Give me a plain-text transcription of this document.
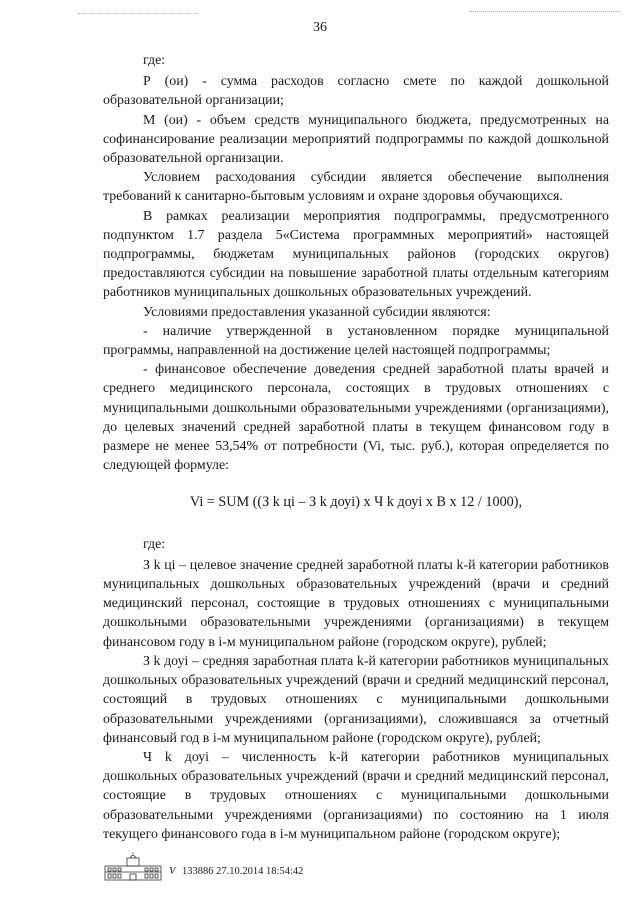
36

где:

Р (ои) - сумма расходов согласно смете по каждой дошкольной образовательной организации;

М (ои) - объем средств муниципального бюджета, предусмотренных на софинансирование реализации мероприятий подпрограммы по каждой дошкольной образовательной организации.

Условием расходования субсидии является обеспечение выполнения требований к санитарно-бытовым условиям и охране здоровья обучающихся.

В рамках реализации мероприятия подпрограммы, предусмотренного подпунктом 1.7 раздела 5«Система программных мероприятий» настоящей подпрограммы, бюджетам муниципальных районов (городских округов) предоставляются субсидии на повышение заработной платы отдельным категориям работников муниципальных дошкольных образовательных учреждений.

Условиями предоставления указанной субсидии являются:

- наличие утвержденной в установленном порядке муниципальной программы, направленной на достижение целей настоящей подпрограммы;

- финансовое обеспечение доведения средней заработной платы врачей и среднего медицинского персонала, состоящих в трудовых отношениях с муниципальными дошкольными образовательными учреждениями (организациями), до целевых значений средней заработной платы в текущем финансовом году в размере не менее 53,54% от потребности (Vi, тыс. руб.), которая определяется по следующей формуле:

Vi = SUM ((З k цi – З k доуi) х Ч k доуi х В х 12 / 1000),

где:

З k цi – целевое значение средней заработной платы k-й категории работников муниципальных дошкольных образовательных учреждений (врачи и средний медицинский персонал, состоящие в трудовых отношениях с муниципальными дошкольными образовательными учреждениями (организациями) в текущем финансовом году в i-м муниципальном районе (городском округе), рублей;

З k доуi – средняя заработная плата k-й категории работников муниципальных дошкольных образовательных учреждений (врачи и средний медицинский персонал, состоящий в трудовых отношениях с муниципальными дошкольными образовательными учреждениями (организациями), сложившаяся за отчетный финансовый год в i-м муниципальном районе (городском округе), рублей;

Ч k доуi – численность k-й категории работников муниципальных дошкольных образовательных учреждений (врачи и средний медицинский персонал, состоящие в трудовых отношениях с муниципальными дошкольными образовательными учреждениями (организациями) по состоянию на 1 июля текущего финансового года в i-м муниципальном районе (городском округе);

V 133886 27.10.2014 18:54:42
